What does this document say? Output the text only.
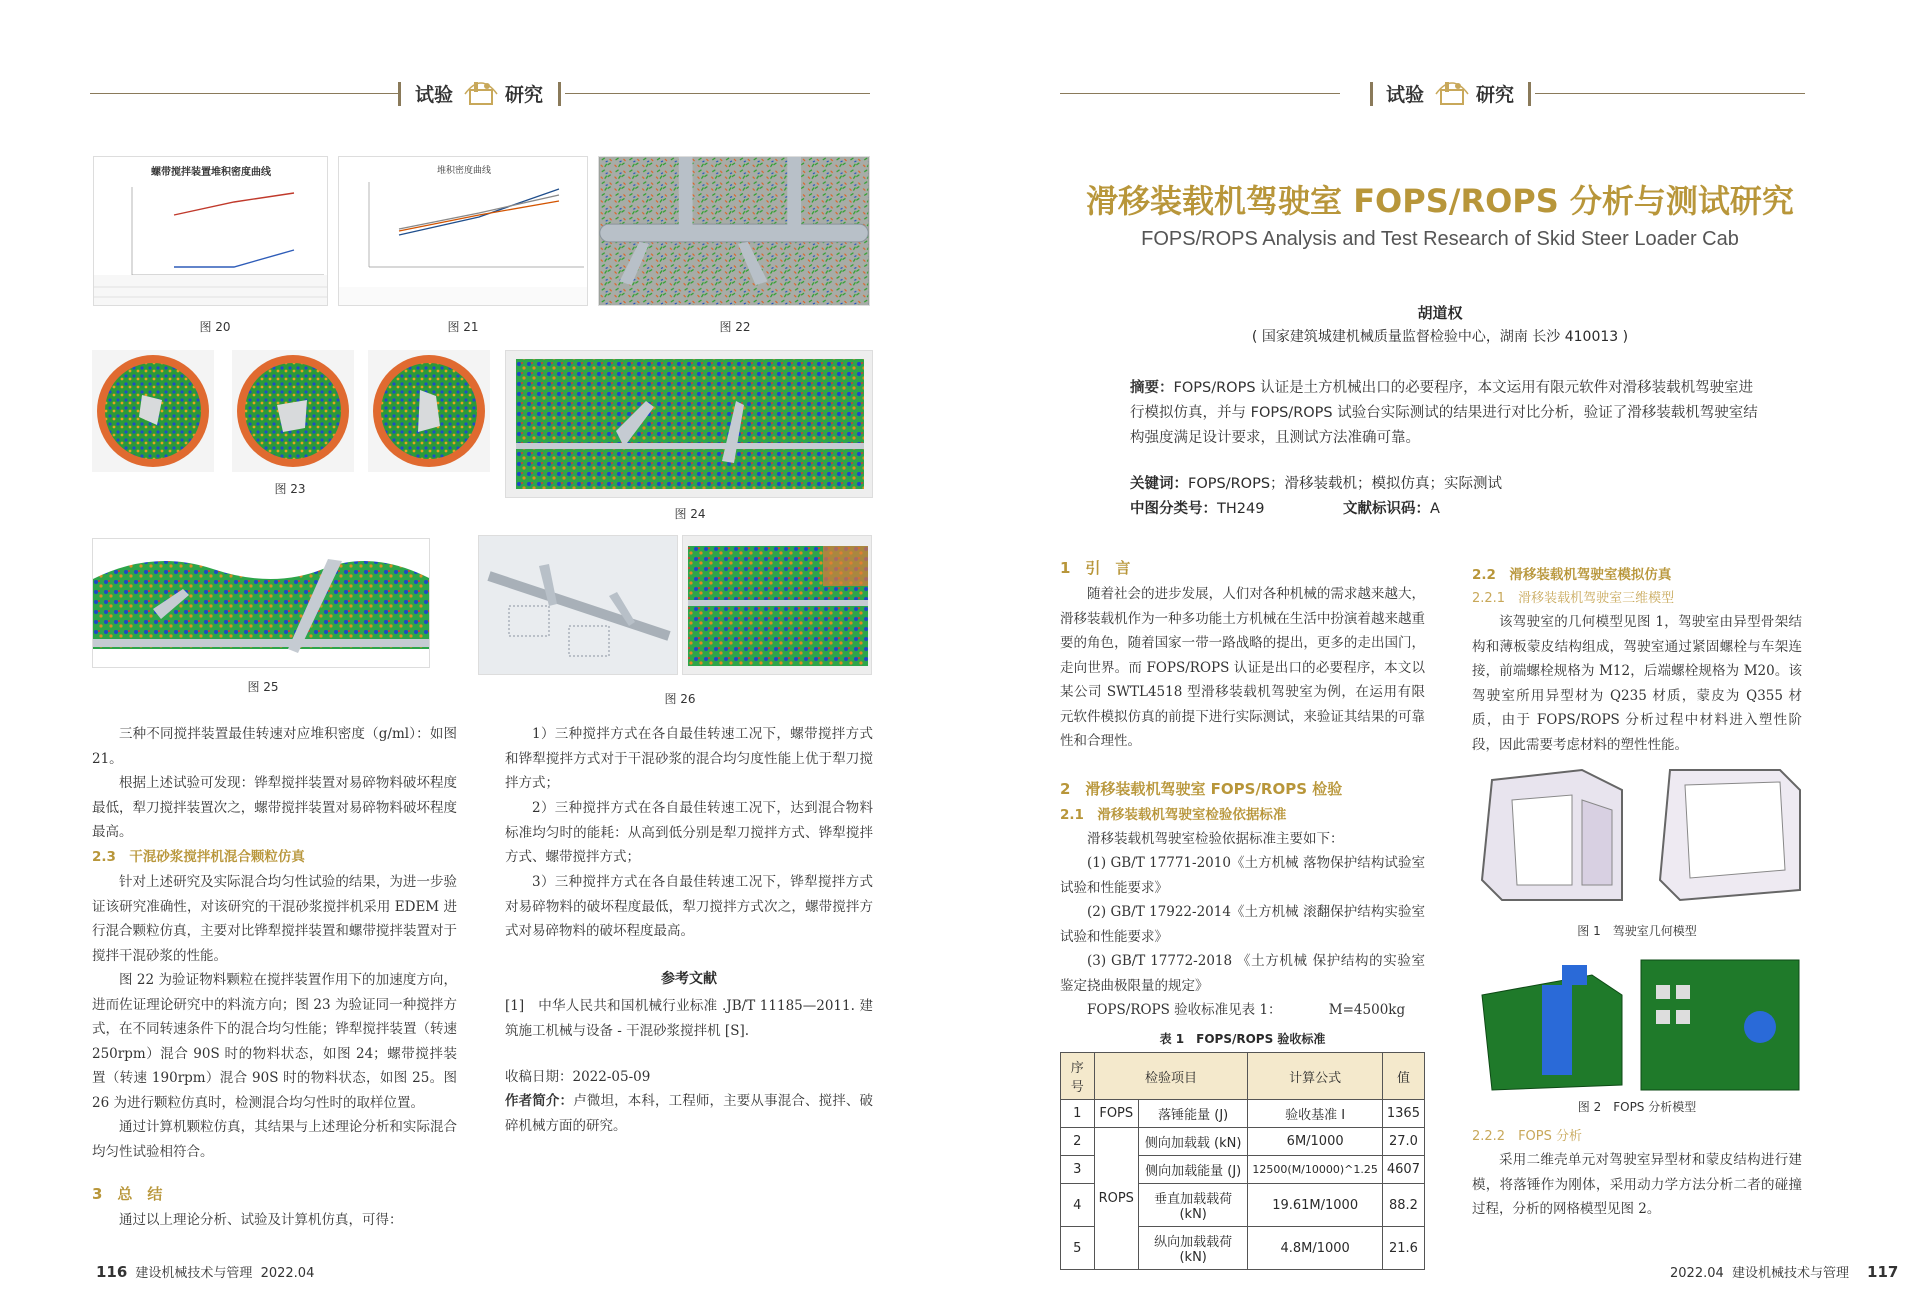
试验	研究
螺带搅拌装置堆积密度曲线
图 20
堆积密度曲线
图 21	图 22
图 23
图 24
图 25
图 26
三种不同搅拌装置最佳转速对应堆积密度（g/ml）：如图 21。
根据上述试验可发现：铧犁搅拌装置对易碎物料破坏程度最低，犁刀搅拌装置次之，螺带搅拌装置对易碎物料破坏程度最高。
2.3　干混砂浆搅拌机混合颗粒仿真
针对上述研究及实际混合均匀性试验的结果，为进一步验证该研究准确性，对该研究的干混砂浆搅拌机采用 EDEM 进行混合颗粒仿真，主要对比铧犁搅拌装置和螺带搅拌装置对于搅拌干混砂浆的性能。
图 22 为验证物料颗粒在搅拌装置作用下的加速度方向，进而佐证理论研究中的料流方向；图 23 为验证同一种搅拌方式，在不同转速条件下的混合均匀性能；铧犁搅拌装置（转速 250rpm）混合 90S 时的物料状态，如图 24；螺带搅拌装置（转速 190rpm）混合 90S 时的物料状态，如图 25。图 26 为进行颗粒仿真时，检测混合均匀性时的取样位置。
通过计算机颗粒仿真，其结果与上述理论分析和实际混合均匀性试验相符合。
3　总　结
通过以上理论分析、试验及计算机仿真，可得：
1）三种搅拌方式在各自最佳转速工况下，螺带搅拌方式和铧犁搅拌方式对于干混砂浆的混合均匀度性能上优于犁刀搅拌方式；
2）三种搅拌方式在各自最佳转速工况下，达到混合物料标准均匀时的能耗：从高到低分别是犁刀搅拌方式、铧犁搅拌方式、螺带搅拌方式；
3）三种搅拌方式在各自最佳转速工况下，铧犁搅拌方式对易碎物料的破坏程度最低，犁刀搅拌方式次之，螺带搅拌方式对易碎物料的破坏程度最高。
参考文献
[1]　中华人民共和国机械行业标准 .JB/T 11185—2011. 建筑施工机械与设备 - 干混砂浆搅拌机 [S].
收稿日期：2022-05-09
作者简介：卢微坦，本科，工程师，主要从事混合、搅拌、破碎机械方面的研究。
116 建设机械技术与管理 2022.04
试验	研究
滑移装载机驾驶室 FOPS/ROPS 分析与测试研究
FOPS/ROPS Analysis and Test Research of Skid Steer Loader Cab
胡道权
( 国家建筑城建机械质量监督检验中心，湖南 长沙 410013 )
摘要：FOPS/ROPS 认证是土方机械出口的必要程序，本文运用有限元软件对滑移装载机驾驶室进行模拟仿真，并与 FOPS/ROPS 试验台实际测试的结果进行对比分析，验证了滑移装载机驾驶室结构强度满足设计要求，且测试方法准确可靠。
关键词：FOPS/ROPS；滑移装载机；模拟仿真；实际测试
中图分类号：TH249	文献标识码：A
1　引　言
随着社会的进步发展，人们对各种机械的需求越来越大，滑移装载机作为一种多功能土方机械在生活中扮演着越来越重要的角色，随着国家一带一路战略的提出，更多的走出国门，走向世界。而 FOPS/ROPS 认证是出口的必要程序，本文以某公司 SWTL4518 型滑移装载机驾驶室为例，在运用有限元软件模拟仿真的前提下进行实际测试，来验证其结果的可靠性和合理性。
2　滑移装载机驾驶室 FOPS/ROPS 检验
2.1　滑移装载机驾驶室检验依据标准
滑移装载机驾驶室检验依据标准主要如下：
(1) GB/T 17771-2010《土方机械 落物保护结构试验室试验和性能要求》
(2) GB/T 17922-2014《土方机械 滚翻保护结构实验室试验和性能要求》
(3) GB/T 17772-2018 《土方机械 保护结构的实验室鉴定挠曲极限量的规定》
FOPS/ROPS 验收标准见表 1：　　　　M=4500kg
表 1　FOPS/ROPS 验收标准
序号	检验项目		计算公式	值
1	FOPS	落锤能量 (J)	验收基准 I	1365
2	ROPS	侧向加载载 (kN)	6M/1000	27.0
3		侧向加载能量 (J)	12500(M/10000)^1.25	4607
4		垂直加载载荷 (kN)	19.61M/1000	88.2
5		纵向加载载荷 (kN)	4.8M/1000	21.6
2.2　滑移装载机驾驶室模拟仿真
2.2.1　滑移装载机驾驶室三维模型
该驾驶室的几何模型见图 1，驾驶室由异型骨架结构和薄板蒙皮结构组成，驾驶室通过紧固螺栓与车架连接，前端螺栓规格为 M12，后端螺栓规格为 M20。该驾驶室所用异型材为 Q235 材质，蒙皮为 Q355 材质，由于 FOPS/ROPS 分析过程中材料进入塑性阶段，因此需要考虑材料的塑性性能。
图 1　驾驶室几何模型
图 2　FOPS 分析模型
2.2.2　FOPS 分析
采用二维壳单元对驾驶室异型材和蒙皮结构进行建模，将落锤作为刚体，采用动力学方法分析二者的碰撞过程，分析的网格模型见图 2。
2022.04 建设机械技术与管理 117
